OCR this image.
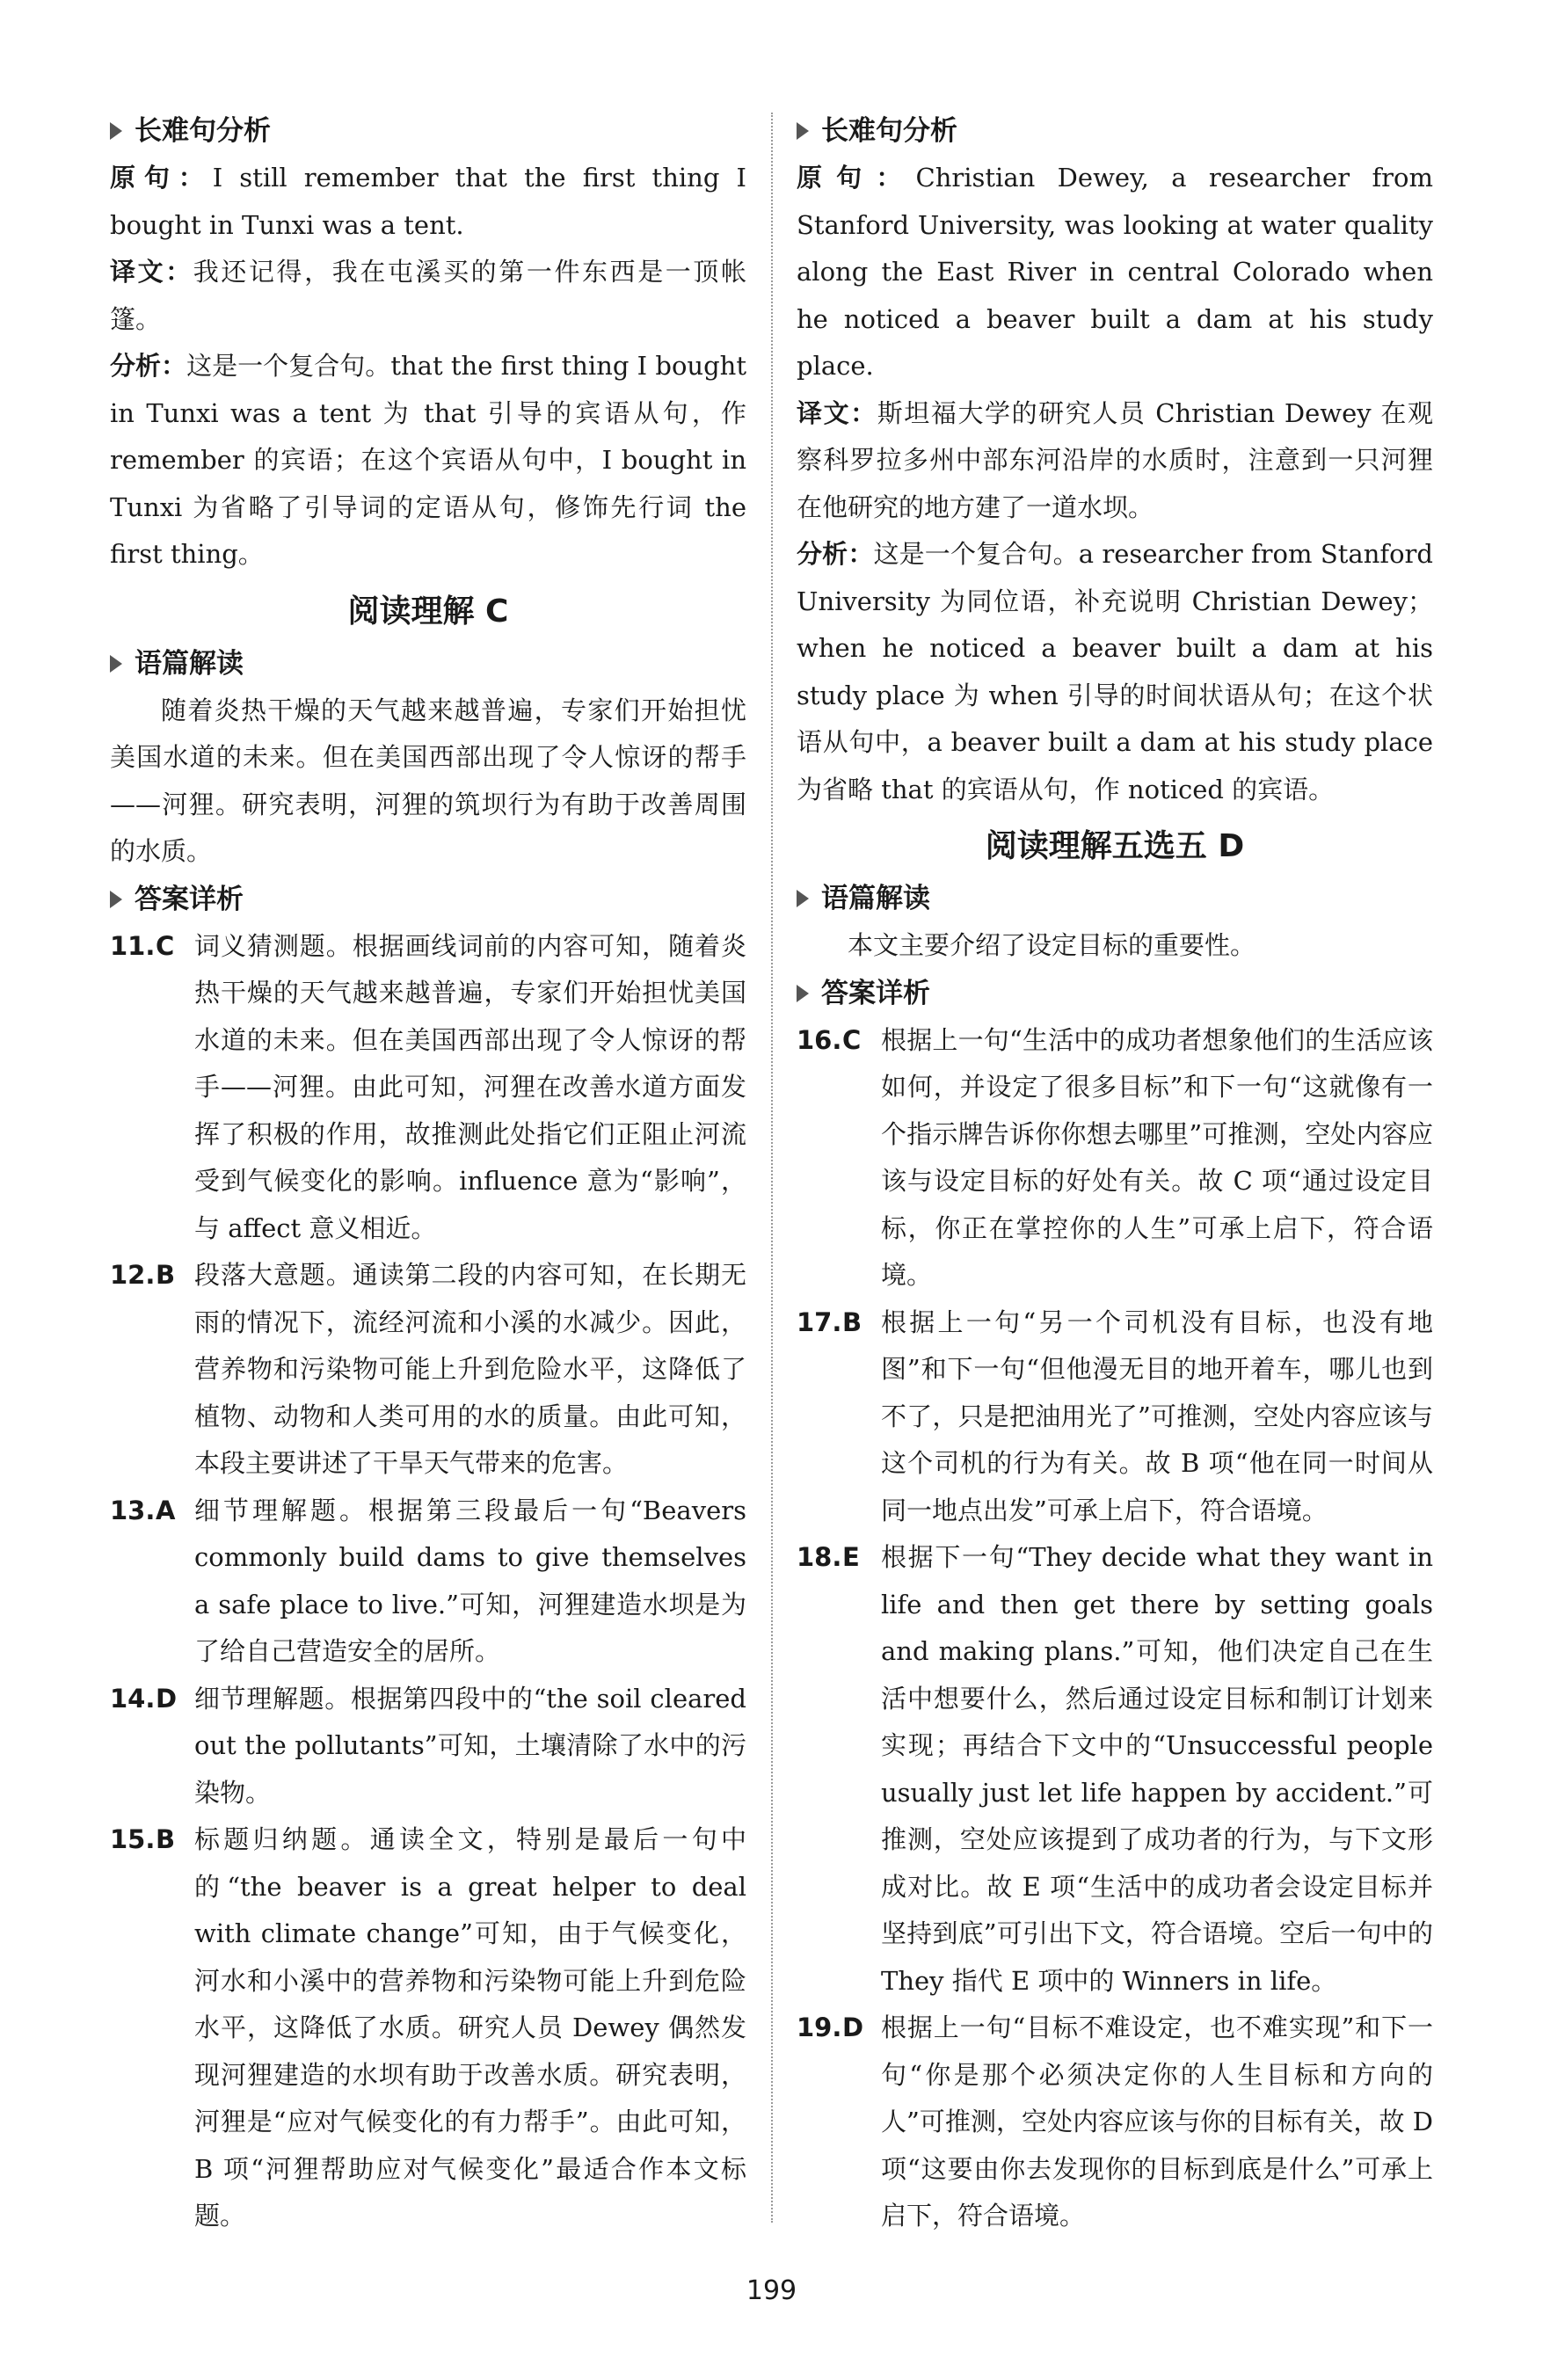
长难句分析

原句：I still remember that the first thing I bought in Tunxi was a tent.

译文：我还记得，我在屯溪买的第一件东西是一顶帐篷。

分析：这是一个复合句。that the first thing I bought in Tunxi was a tent 为 that 引导的宾语从句，作 remember 的宾语；在这个宾语从句中，I bought in Tunxi 为省略了引导词的定语从句，修饰先行词 the first thing。

阅读理解 C
语篇解读

随着炎热干燥的天气越来越普遍，专家们开始担忧美国水道的未来。但在美国西部出现了令人惊讶的帮手——河狸。研究表明，河狸的筑坝行为有助于改善周围的水质。

答案详析
11. C 词义猜测题。根据画线词前的内容可知，随着炎热干燥的天气越来越普遍，专家们开始担忧美国水道的未来。但在美国西部出现了令人惊讶的帮手——河狸。由此可知，河狸在改善水道方面发挥了积极的作用，故推测此处指它们正阻止河流受到气候变化的影响。influence 意为“影响”，与 affect 意义相近。
12. B 段落大意题。通读第二段的内容可知，在长期无雨的情况下，流经河流和小溪的水减少。因此，营养物和污染物可能上升到危险水平，这降低了植物、动物和人类可用的水的质量。由此可知，本段主要讲述了干旱天气带来的危害。
13. A 细节理解题。根据第三段最后一句“Beavers commonly build dams to give themselves a safe place to live.”可知，河狸建造水坝是为了给自己营造安全的居所。
14. D 细节理解题。根据第四段中的“the soil cleared out the pollutants”可知，土壤清除了水中的污染物。
15. B 标题归纳题。通读全文，特别是最后一句中的“the beaver is a great helper to deal with climate change”可知，由于气候变化，河水和小溪中的营养物和污染物可能上升到危险水平，这降低了水质。研究人员 Dewey 偶然发现河狸建造的水坝有助于改善水质。研究表明，河狸是“应对气候变化的有力帮手”。由此可知，B 项“河狸帮助应对气候变化”最适合作本文标题。
长难句分析

原句：Christian Dewey, a researcher from Stanford University, was looking at water quality along the East River in central Colorado when he noticed a beaver built a dam at his study place.

译文：斯坦福大学的研究人员 Christian Dewey 在观察科罗拉多州中部东河沿岸的水质时，注意到一只河狸在他研究的地方建了一道水坝。

分析：这是一个复合句。a researcher from Stanford University 为同位语，补充说明 Christian Dewey；when he noticed a beaver built a dam at his study place 为 when 引导的时间状语从句；在这个状语从句中，a beaver built a dam at his study place 为省略 that 的宾语从句，作 noticed 的宾语。

阅读理解五选五 D
语篇解读

本文主要介绍了设定目标的重要性。

答案详析
16. C 根据上一句“生活中的成功者想象他们的生活应该如何，并设定了很多目标”和下一句“这就像有一个指示牌告诉你你想去哪里”可推测，空处内容应该与设定目标的好处有关。故 C 项“通过设定目标，你正在掌控你的人生”可承上启下，符合语境。
17. B 根据上一句“另一个司机没有目标，也没有地图”和下一句“但他漫无目的地开着车，哪儿也到不了，只是把油用光了”可推测，空处内容应该与这个司机的行为有关。故 B 项“他在同一时间从同一地点出发”可承上启下，符合语境。
18. E 根据下一句“They decide what they want in life and then get there by setting goals and making plans.”可知，他们决定自己在生活中想要什么，然后通过设定目标和制订计划来实现；再结合下文中的“Unsuccessful people usually just let life happen by accident.”可推测，空处应该提到了成功者的行为，与下文形成对比。故 E 项“生活中的成功者会设定目标并坚持到底”可引出下文，符合语境。空后一句中的 They 指代 E 项中的 Winners in life。
19. D 根据上一句“目标不难设定，也不难实现”和下一句“你是那个必须决定你的人生目标和方向的人”可推测，空处内容应该与你的目标有关，故 D 项“这要由你去发现你的目标到底是什么”可承上启下，符合语境。
199
